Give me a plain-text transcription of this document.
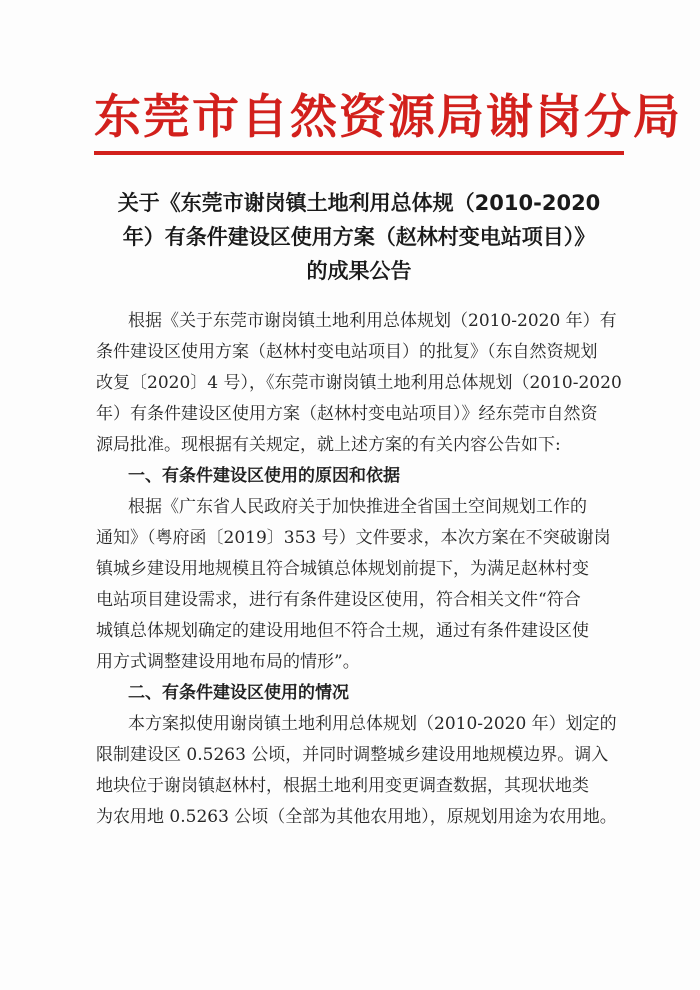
东莞市自然资源局谢岗分局
关于《东莞市谢岗镇土地利用总体规（2010-2020
年）有条件建设区使用方案（赵林村变电站项目）》
的成果公告
根据《关于东莞市谢岗镇土地利用总体规划（2010-2020 年）有
条件建设区使用方案（赵林村变电站项目）的批复》（东自然资规划
改复〔2020〕4 号），《东莞市谢岗镇土地利用总体规划（2010-2020
年）有条件建设区使用方案（赵林村变电站项目）》经东莞市自然资
源局批准。现根据有关规定，就上述方案的有关内容公告如下:
一、有条件建设区使用的原因和依据
根据《广东省人民政府关于加快推进全省国土空间规划工作的
通知》（粤府函〔2019〕353 号）文件要求，本次方案在不突破谢岗
镇城乡建设用地规模且符合城镇总体规划前提下，为满足赵林村变
电站项目建设需求，进行有条件建设区使用，符合相关文件“符合
城镇总体规划确定的建设用地但不符合土规，通过有条件建设区使
用方式调整建设用地布局的情形”。
二、有条件建设区使用的情况
本方案拟使用谢岗镇土地利用总体规划（2010-2020 年）划定的
限制建设区 0.5263 公顷，并同时调整城乡建设用地规模边界。调入
地块位于谢岗镇赵林村，根据土地利用变更调查数据，其现状地类
为农用地 0.5263 公顷（全部为其他农用地），原规划用途为农用地。
